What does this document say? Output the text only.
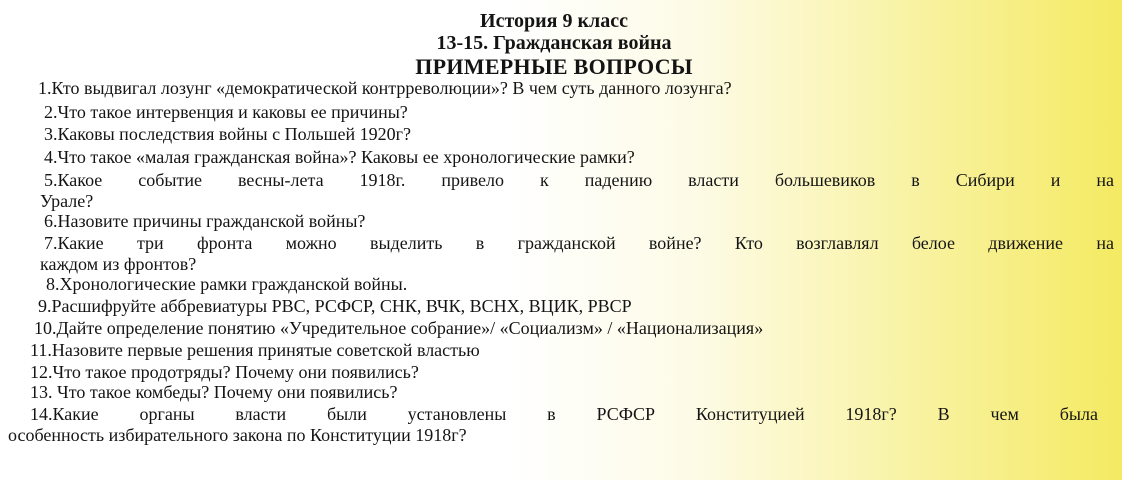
История 9 класс
13-15. Гражданская война
ПРИМЕРНЫЕ ВОПРОСЫ
1.Кто выдвигал лозунг «демократической контрреволюции»? В чем суть данного лозунга?
2.Что такое интервенция и каковы ее причины?
3.Каковы последствия войны с Польшей 1920г?
4.Что такое «малая гражданская война»? Каковы ее хронологические рамки?
5.Какое событие весны-лета 1918г. привело к падению власти большевиков в Сибири и на
Урале?
6.Назовите причины гражданской войны?
7.Какие три фронта можно выделить в гражданской войне? Кто возглавлял белое движение на
каждом из фронтов?
8.Хронологические рамки гражданской войны.
9.Расшифруйте аббревиатуры РВС, РСФСР, СНК, ВЧК, ВСНХ, ВЦИК, РВСР
10.Дайте определение понятию «Учредительное собрание»/ «Социализм» / «Национализация»
11.Назовите первые решения принятые советской властью
12.Что такое продотряды? Почему они появились?
13. Что такое комбеды? Почему они появились?
14.Какие органы власти были установлены в РСФСР Конституцией 1918г? В чем была
особенность избирательного закона по Конституции 1918г?
